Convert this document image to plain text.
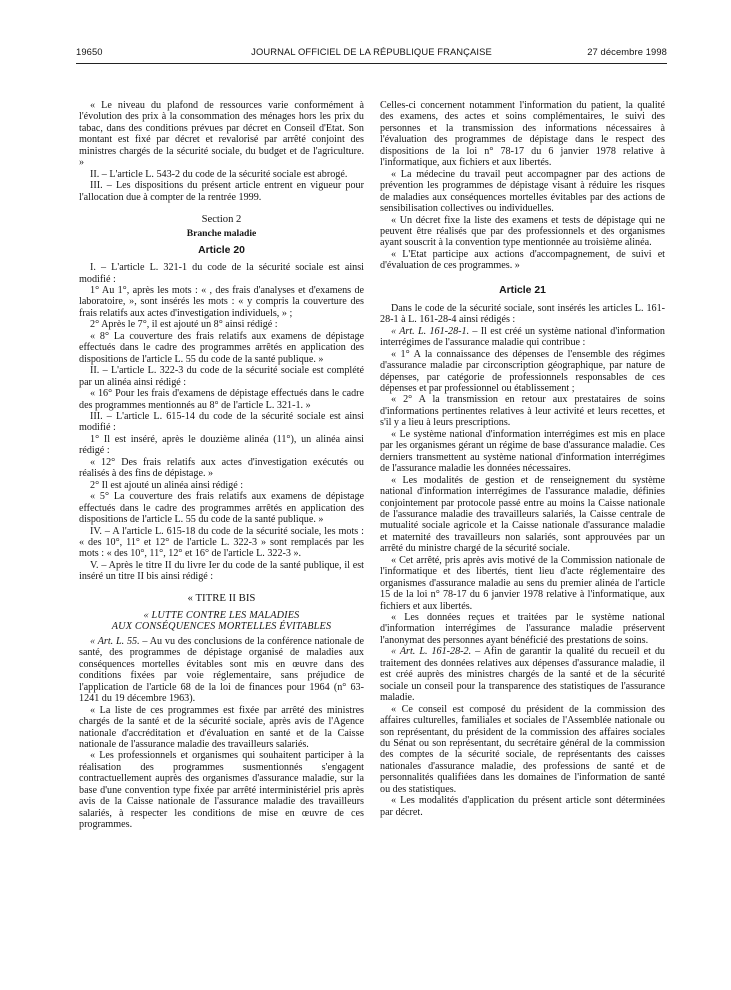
19650	JOURNAL OFFICIEL DE LA RÉPUBLIQUE FRANÇAISE	27 décembre 1998

« Le niveau du plafond de ressources varie conformément à l'évolution des prix à la consommation des ménages hors les prix du tabac, dans des conditions prévues par décret en Conseil d'Etat. Son montant est fixé par décret et revalorisé par arrêté conjoint des ministres chargés de la sécurité sociale, du budget et de l'agriculture. »

II. – L'article L. 543-2 du code de la sécurité sociale est abrogé.

III. – Les dispositions du présent article entrent en vigueur pour l'allocation due à compter de la rentrée 1999.

Section 2
Branche maladie
Article 20

I. – L'article L. 321-1 du code de la sécurité sociale est ainsi modifié :

1° Au 1°, après les mots : « , des frais d'analyses et d'examens de laboratoire, », sont insérés les mots : « y compris la couverture des frais relatifs aux actes d'investigation individuels, » ;

2° Après le 7°, il est ajouté un 8° ainsi rédigé :

« 8° La couverture des frais relatifs aux examens de dépistage effectués dans le cadre des programmes arrêtés en application des dispositions de l'article L. 55 du code de la santé publique. »

II. – L'article L. 322-3 du code de la sécurité sociale est complété par un alinéa ainsi rédigé :

« 16° Pour les frais d'examens de dépistage effectués dans le cadre des programmes mentionnés au 8° de l'article L. 321-1. »

III. – L'article L. 615-14 du code de la sécurité sociale est ainsi modifié :

1° Il est inséré, après le douzième alinéa (11°), un alinéa ainsi rédigé :

« 12° Des frais relatifs aux actes d'investigation exécutés ou réalisés à des fins de dépistage. »

2° Il est ajouté un alinéa ainsi rédigé :

« 5° La couverture des frais relatifs aux examens de dépistage effectués dans le cadre des programmes arrêtés en application des dispositions de l'article L. 55 du code de la santé publique. »

IV. – A l'article L. 615-18 du code de la sécurité sociale, les mots : « des 10°, 11° et 12° de l'article L. 322-3 » sont remplacés par les mots : « des 10°, 11°, 12° et 16° de l'article L. 322-3 ».

V. – Après le titre II du livre Ier du code de la santé publique, il est inséré un titre II bis ainsi rédigé :

« TITRE II BIS
« LUTTE CONTRE LES MALADIES
AUX CONSÉQUENCES MORTELLES ÉVITABLES

« Art. L. 55. – Au vu des conclusions de la conférence nationale de santé, des programmes de dépistage organisé de maladies aux conséquences mortelles évitables sont mis en œuvre dans des conditions fixées par voie réglementaire, sans préjudice de l'application de l'article 68 de la loi de finances pour 1964 (n° 63-1241 du 19 décembre 1963).

« La liste de ces programmes est fixée par arrêté des ministres chargés de la santé et de la sécurité sociale, après avis de l'Agence nationale d'accréditation et d'évaluation en santé et de la Caisse nationale de l'assurance maladie des travailleurs salariés.

« Les professionnels et organismes qui souhaitent participer à la réalisation des programmes susmentionnés s'engagent contractuellement auprès des organismes d'assurance maladie, sur la base d'une convention type fixée par arrêté interministériel pris après avis de la Caisse nationale de l'assurance maladie des travailleurs salariés, à respecter les conditions de mise en œuvre de ces programmes.

Celles-ci concernent notamment l'information du patient, la qualité des examens, des actes et soins complémentaires, le suivi des personnes et la transmission des informations nécessaires à l'évaluation des programmes de dépistage dans le respect des dispositions de la loi n° 78-17 du 6 janvier 1978 relative à l'informatique, aux fichiers et aux libertés.

« La médecine du travail peut accompagner par des actions de prévention les programmes de dépistage visant à réduire les risques de maladies aux conséquences mortelles évitables par des actions de sensibilisation collectives ou individuelles.

« Un décret fixe la liste des examens et tests de dépistage qui ne peuvent être réalisés que par des professionnels et des organismes ayant souscrit à la convention type mentionnée au troisième alinéa.

« L'Etat participe aux actions d'accompagnement, de suivi et d'évaluation de ces programmes. »

Article 21

Dans le code de la sécurité sociale, sont insérés les articles L. 161-28-1 à L. 161-28-4 ainsi rédigés :

« Art. L. 161-28-1. – Il est créé un système national d'information interrégimes de l'assurance maladie qui contribue :

« 1° A la connaissance des dépenses de l'ensemble des régimes d'assurance maladie par circonscription géographique, par nature de dépenses, par catégorie de professionnels responsables de ces dépenses et par professionnel ou établissement ;

« 2° A la transmission en retour aux prestataires de soins d'informations pertinentes relatives à leur activité et leurs recettes, et s'il y a lieu à leurs prescriptions.

« Le système national d'information interrégimes est mis en place par les organismes gérant un régime de base d'assurance maladie. Ces derniers transmettent au système national d'information interrégimes de l'assurance maladie les données nécessaires.

« Les modalités de gestion et de renseignement du système national d'information interrégimes de l'assurance maladie, définies conjointement par protocole passé entre au moins la Caisse nationale de l'assurance maladie des travailleurs salariés, la Caisse centrale de mutualité sociale agricole et la Caisse nationale d'assurance maladie et maternité des travailleurs non salariés, sont approuvées par un arrêté du ministre chargé de la sécurité sociale.

« Cet arrêté, pris après avis motivé de la Commission nationale de l'informatique et des libertés, tient lieu d'acte réglementaire des organismes d'assurance maladie au sens du premier alinéa de l'article 15 de la loi n° 78-17 du 6 janvier 1978 relative à l'informatique, aux fichiers et aux libertés.

« Les données reçues et traitées par le système national d'information interrégimes de l'assurance maladie préservent l'anonymat des personnes ayant bénéficié des prestations de soins.

« Art. L. 161-28-2. – Afin de garantir la qualité du recueil et du traitement des données relatives aux dépenses d'assurance maladie, il est créé auprès des ministres chargés de la santé et de la sécurité sociale un conseil pour la transparence des statistiques de l'assurance maladie.

« Ce conseil est composé du président de la commission des affaires culturelles, familiales et sociales de l'Assemblée nationale ou son représentant, du président de la commission des affaires sociales du Sénat ou son représentant, du secrétaire général de la commission des comptes de la sécurité sociale, de représentants des caisses nationales d'assurance maladie, des professions de santé et de personnalités qualifiées dans les domaines de l'information de santé ou des statistiques.

« Les modalités d'application du présent article sont déterminées par décret.
